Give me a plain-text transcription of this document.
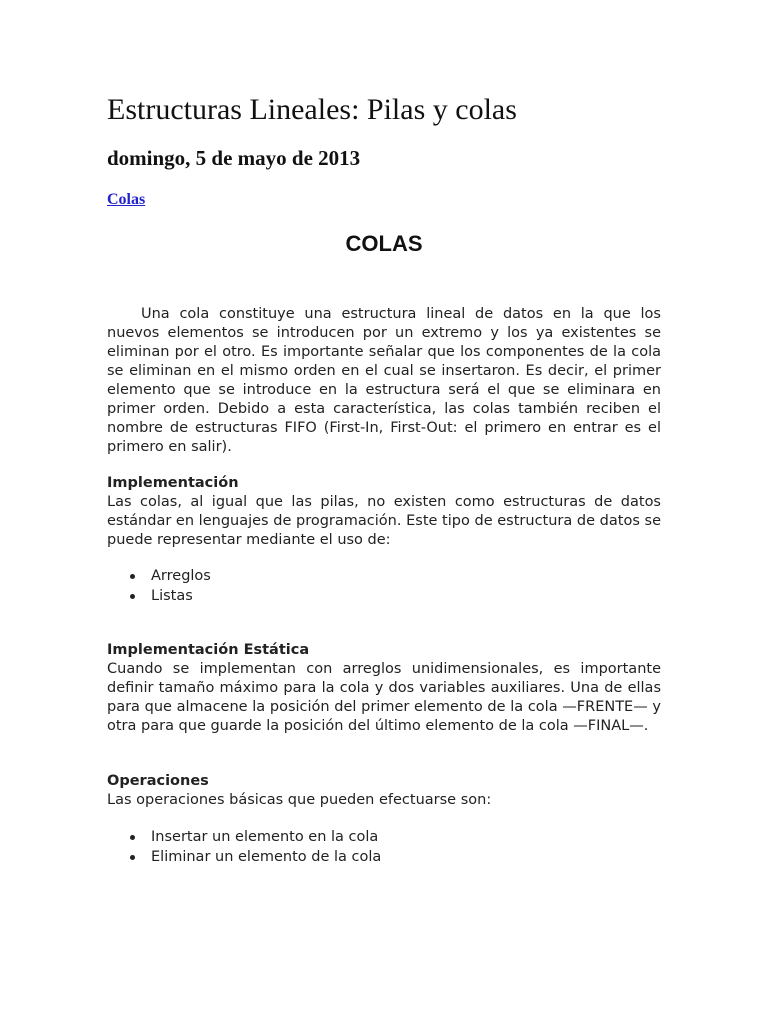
Estructuras Lineales: Pilas y colas
domingo, 5 de mayo de 2013
Colas
COLAS

Una cola constituye una estructura lineal de datos en la que los nuevos elementos se introducen por un extremo y los ya existentes se eliminan por el otro. Es importante señalar que los componentes de la cola se eliminan en el mismo orden en el cual se insertaron. Es decir, el primer elemento que se introduce en la estructura será el que se eliminara en primer orden. Debido a esta característica, las colas también reciben el nombre de estructuras FIFO (First-In, First-Out: el primero en entrar es el primero en salir).

Implementación

Las colas, al igual que las pilas, no existen como estructuras de datos estándar en lenguajes de programación. Este tipo de estructura de datos se puede representar mediante el uso de:

Arreglos
Listas

Implementación Estática

Cuando se implementan con arreglos unidimensionales, es importante definir tamaño máximo para la cola y dos variables auxiliares. Una de ellas para que almacene la posición del primer elemento de la cola —FRENTE— y otra para que guarde la posición del último elemento de la cola —FINAL—.

Operaciones

Las operaciones básicas que pueden efectuarse son:

Insertar un elemento en la cola
Eliminar un elemento de la cola
